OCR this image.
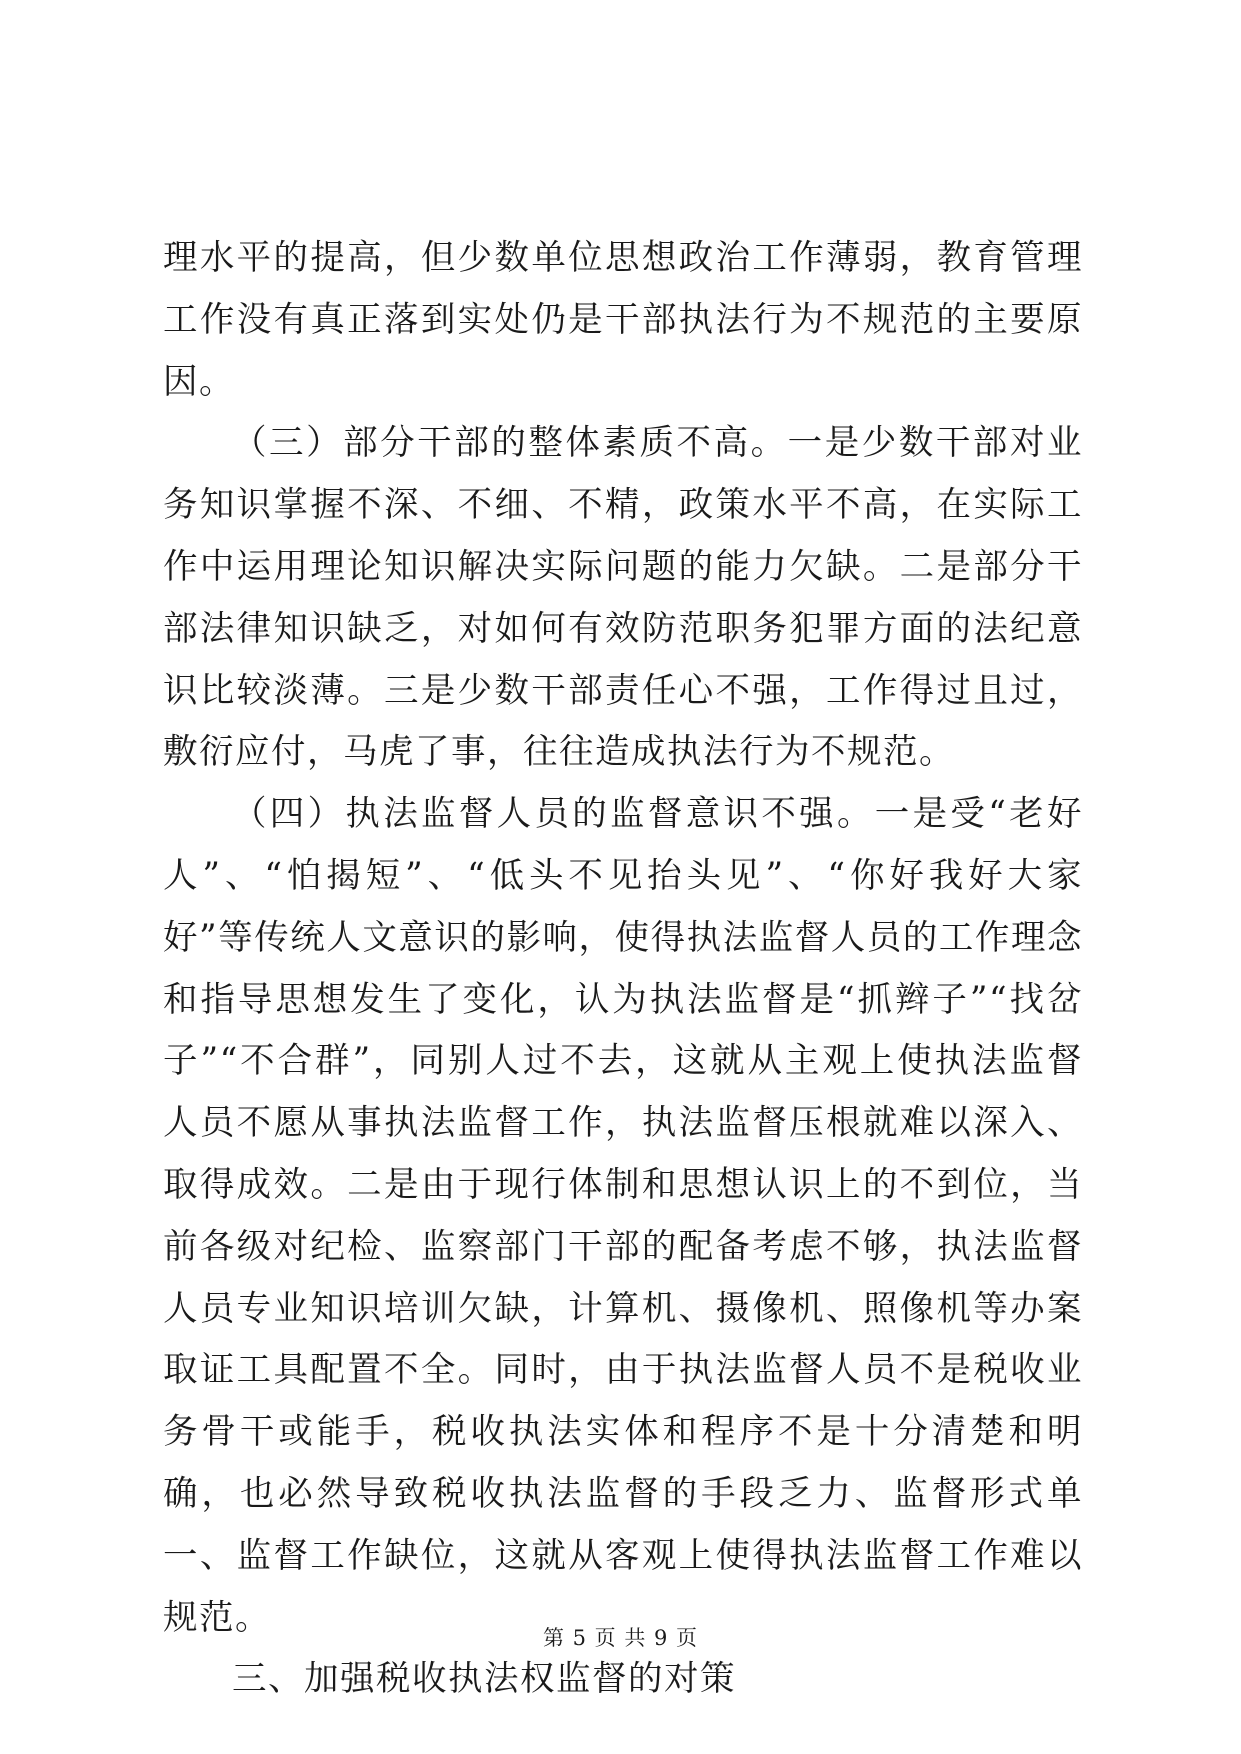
理水平的提高，但少数单位思想政治工作薄弱，教育管理工作没有真正落到实处仍是干部执法行为不规范的主要原因。

（三）部分干部的整体素质不高。一是少数干部对业务知识掌握不深、不细、不精，政策水平不高，在实际工作中运用理论知识解决实际问题的能力欠缺。二是部分干部法律知识缺乏，对如何有效防范职务犯罪方面的法纪意识比较淡薄。三是少数干部责任心不强，工作得过且过，敷衍应付，马虎了事，往往造成执法行为不规范。

（四）执法监督人员的监督意识不强。一是受“老好人”、“怕揭短”、“低头不见抬头见”、“你好我好大家好”等传统人文意识的影响，使得执法监督人员的工作理念和指导思想发生了变化，认为执法监督是“抓辫子”“找岔子”“不合群”，同别人过不去，这就从主观上使执法监督人员不愿从事执法监督工作，执法监督压根就难以深入、取得成效。二是由于现行体制和思想认识上的不到位，当前各级对纪检、监察部门干部的配备考虑不够，执法监督人员专业知识培训欠缺，计算机、摄像机、照像机等办案取证工具配置不全。同时，由于执法监督人员不是税收业务骨干或能手，税收执法实体和程序不是十分清楚和明确，也必然导致税收执法监督的手段乏力、监督形式单一、监督工作缺位，这就从客观上使得执法监督工作难以规范。

三、加强税收执法权监督的对策

第 5 页 共 9 页
